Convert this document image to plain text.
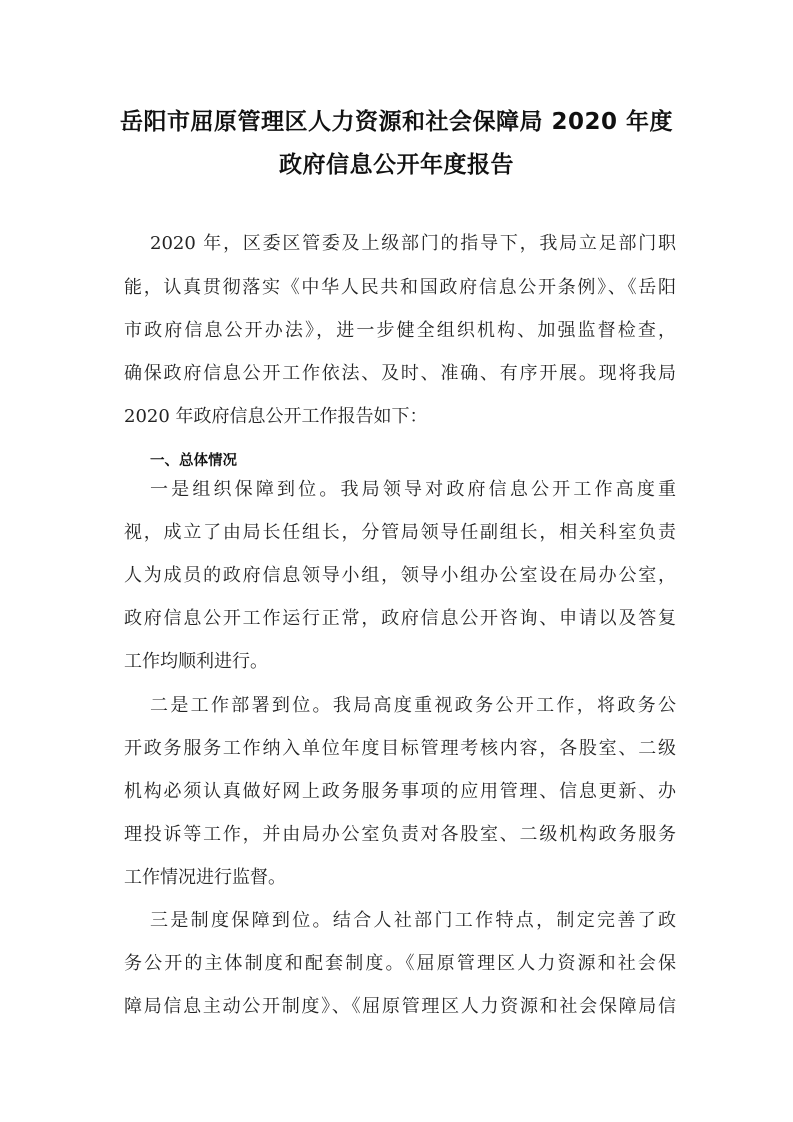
岳阳市屈原管理区人力资源和社会保障局 2020 年度
政府信息公开年度报告
2020 年，区委区管委及上级部门的指导下，我局立足部门职
能，认真贯彻落实《中华人民共和国政府信息公开条例》、《岳阳
市政府信息公开办法》，进一步健全组织机构、加强监督检查，
确保政府信息公开工作依法、及时、准确、有序开展。现将我局
2020 年政府信息公开工作报告如下：
一、总体情况
一是组织保障到位。我局领导对政府信息公开工作高度重
视，成立了由局长任组长，分管局领导任副组长，相关科室负责
人为成员的政府信息领导小组，领导小组办公室设在局办公室，
政府信息公开工作运行正常，政府信息公开咨询、申请以及答复
工作均顺利进行。
二是工作部署到位。我局高度重视政务公开工作，将政务公
开政务服务工作纳入单位年度目标管理考核内容，各股室、二级
机构必须认真做好网上政务服务事项的应用管理、信息更新、办
理投诉等工作，并由局办公室负责对各股室、二级机构政务服务
工作情况进行监督。
三是制度保障到位。结合人社部门工作特点，制定完善了政
务公开的主体制度和配套制度。《屈原管理区人力资源和社会保
障局信息主动公开制度》、《屈原管理区人力资源和社会保障局信
